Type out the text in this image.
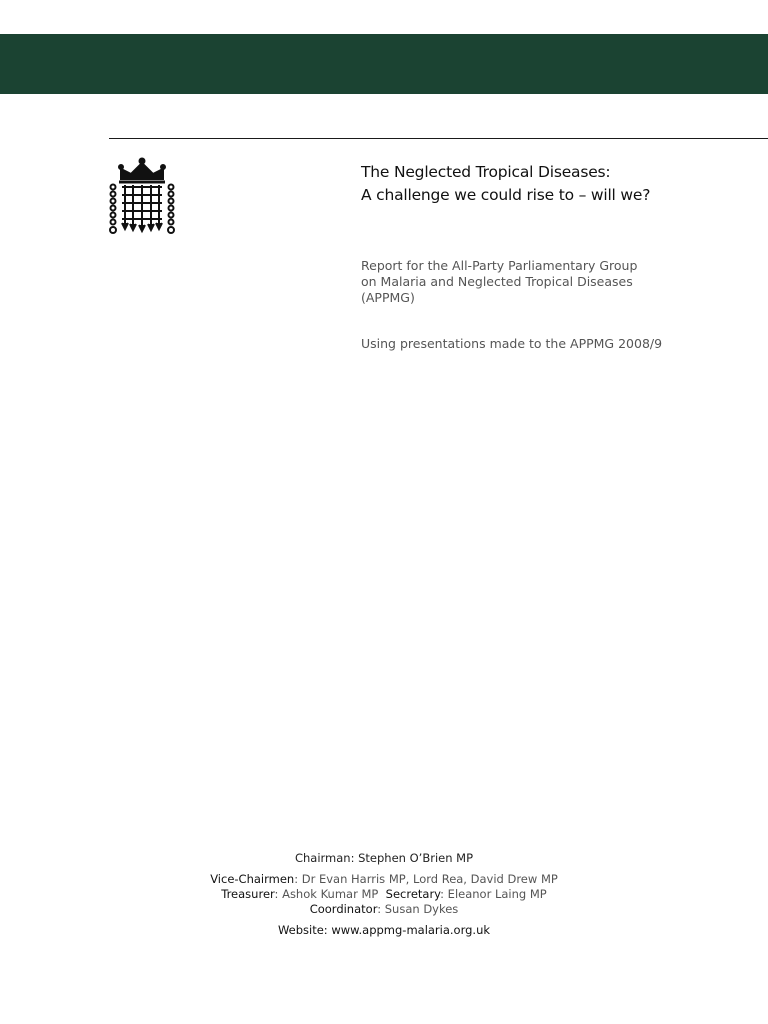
The Neglected Tropical Diseases:
A challenge we could rise to – will we?
Report for the All-Party Parliamentary Group
on Malaria and Neglected Tropical Diseases
(APPMG)
Using presentations made to the APPMG 2008/9
Chairman: Stephen O’Brien MP
Vice-Chairmen: Dr Evan Harris MP, Lord Rea, David Drew MP
Treasurer: Ashok Kumar MP Secretary: Eleanor Laing MP
Coordinator: Susan Dykes
Website: www.appmg-malaria.org.uk
